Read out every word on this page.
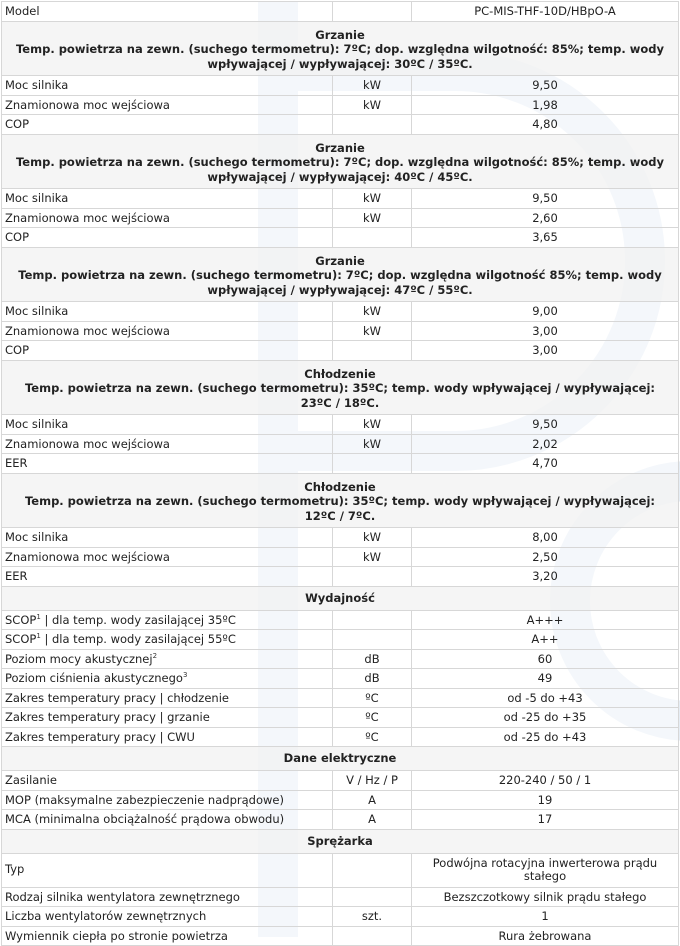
Model		PC-MIS-THF-10D/HBpO-A

Grzanie
Temp. powietrza na zewn. (suchego termometru): 7ºC; dop. względna wilgotność: 85%; temp. wody wpływającej / wypływającej: 30ºC / 35ºC.		

Moc silnika	kW	9,50
Znamionowa moc wejściowa	kW	1,98
COP		4,80

Grzanie
Temp. powietrza na zewn. (suchego termometru): 7ºC; dop. względna wilgotność: 85%; temp. wody wpływającej / wypływającej: 40ºC / 45ºC.		

Moc silnika	kW	9,50
Znamionowa moc wejściowa	kW	2,60
COP		3,65

Grzanie
Temp. powietrza na zewn. (suchego termometru): 7ºC; dop. względna wilgotność 85%; temp. wody wpływającej / wypływającej: 47ºC / 55ºC.		

Moc silnika	kW	9,00
Znamionowa moc wejściowa	kW	3,00
COP		3,00

Chłodzenie
Temp. powietrza na zewn. (suchego termometru): 35ºC; temp. wody wpływającej / wypływającej: 23ºC / 18ºC.		

Moc silnika	kW	9,50
Znamionowa moc wejściowa	kW	2,02
EER		4,70

Chłodzenie
Temp. powietrza na zewn. (suchego termometru): 35ºC; temp. wody wpływającej / wypływającej: 12ºC / 7ºC.		

Moc silnika	kW	8,00
Znamionowa moc wejściowa	kW	2,50
EER		3,20
Wydajność		
SCOP$^1$ | dla temp. wody zasilającej 35ºC		A+++
$SCOP^1$ | dla temp. wody zasilającej 55ºC		A++
Poziom mocy akustycznej$^2$	dB	60
Poziom ciśnienia akustycznego$^3$	dB	49
Zakres temperatury pracy | chłodzenie	ºC	od -5 do +43
Zakres temperatury pracy | grzanie	ºC	od -25 do +35
Zakres temperatury pracy | CWU	ºC	od -25 do +43
Dane elektryczne		
Zasilanie	V / Hz / P	220-240 / 50 / 1
MOP (maksymalne zabezpieczenie nadprądowe)	A	19
MCA (minimalna obciążalność prądowa obwodu)	A	17
Sprężarka		
Typ		Podwójna rotacyjna inwerterowa prądu stałego
Rodzaj silnika wentylatora zewnętrznego		Bezszczotkowy silnik prądu stałego
Liczba wentylatorów zewnętrznych	szt.	1
Wymiennik ciepła po stronie powietrza		Rura żebrowana
